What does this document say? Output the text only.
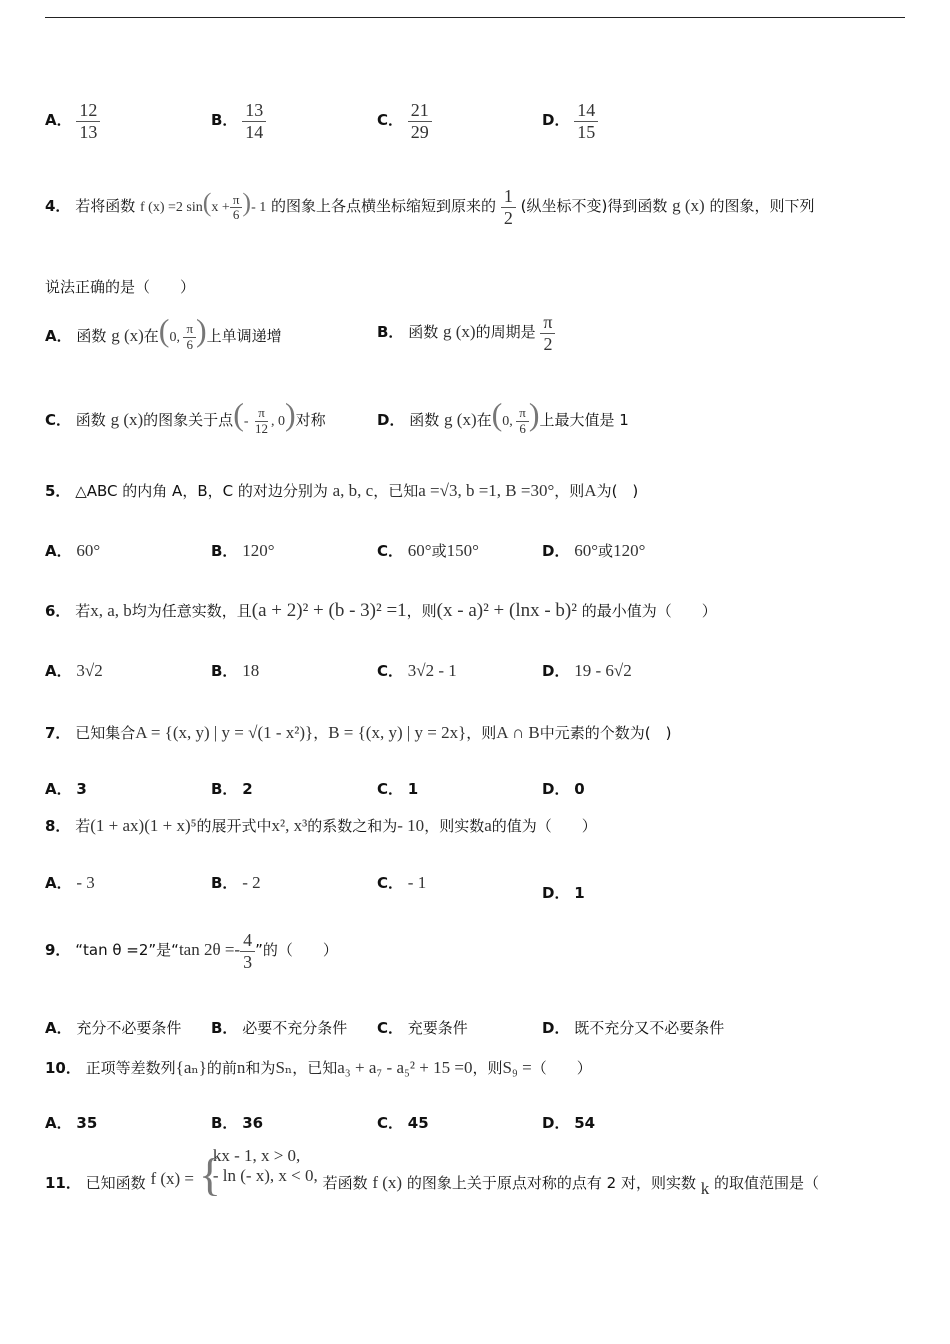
A． $\frac{12}{13}$	B． $\frac{13}{14}$	C． $\frac{21}{29}$	D． $\frac{14}{15}$
4． 若将函数 f (x) =2 $\sin(x + \frac{\pi}{6}$ )- 1 的图象上各点横坐标缩短到原来的 $\frac{1}{2}$ (纵坐标不变)得到函数 g (x) 的图象，则下列
说法正确的是（　　）
A． 函数 g (x)在(0, $\frac{\pi}{6}$ )上单调递增	B． 函数 g (x)的周期是 $\frac{\pi}{2}$
C． 函数 g (x)的图象关于点(- $\frac{\pi}{12}$ , 0)对称	D． 函数 g (x)在(0, $\frac{\pi}{6}$ )上最大值是 1
5． △ABC 的内角 A，B，C 的对边分别为 a, b, c，已知a =√3, b =1, B =30°，则A为(　)
A． 60°	B． 120°	C． 60°或150°	D． 60°或120°
6． 若x, a, b均为任意实数，且(a + 2)² + (b - 3)² =1，则(x - a)² + (lnx - b)² 的最小值为（　　）
A． 3√2	B． 18	C． 3√2 - 1	D． 19 - 6√2
7． 已知集合A = {(x, y) | y = √(1 - x²)}，B = {(x, y) | y = 2x}，则A ∩ B中元素的个数为(　)
A． 3	B． 2	C． 1	D． 0
8． 若(1 + ax)(1 + x)⁵的展开式中x², x³的系数之和为- 10，则实数a的值为（　　）
A． - 3	B． - 2	C． - 1
D． 1
9． “tan θ =2”是“tan $2\theta =- \frac{4}{3}$ ”的（　　）
A． 充分不必要条件 B． 必要不充分条件 C． 充要条件	D． 既不充分又不必要条件
10． 正项等差数列{aₙ}的前n和为Sₙ，已知a₃ + a₇ - a₅² + 15 =0，则S₉ =（　　）
A． 35	B． 36	C． 45	D． 54
11． 已知函数 f (x) = {
kx - 1, x > 0,
- ln (- x), x < 0, 若函数 f (x) 的图象上关于原点对称的点有 2 对，则实数 k 的取值范围是（
